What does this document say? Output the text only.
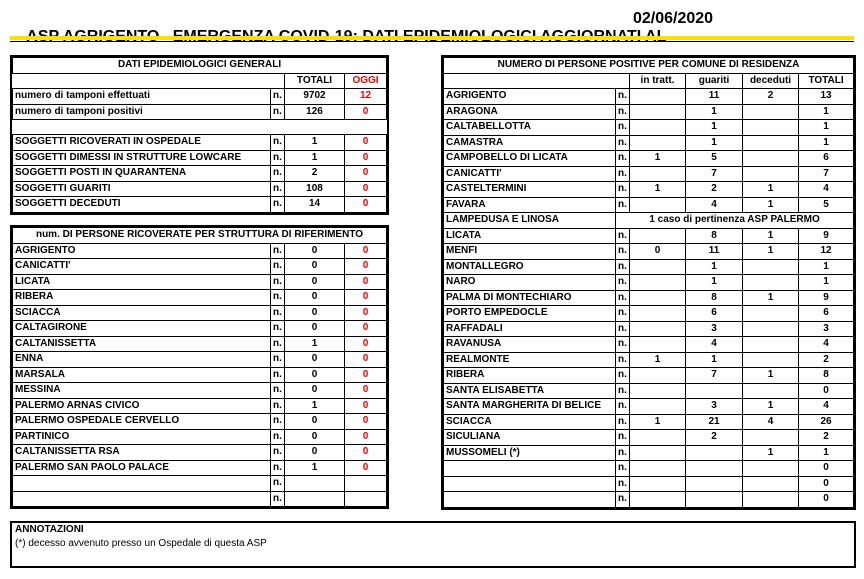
02/06/2020

DATI EPIDEMIOLOGICI GENERALI			
		TOTALI	OGGI
numero di tamponi effettuati	n.	9702	12
numero di tamponi positivi	n.	126	0

SOGGETTI RICOVERATI IN OSPEDALE	n.	1	0
SOGGETTI DIMESSI IN STRUTTURE LOWCARE	n.	1	0
SOGGETTI POSTI IN QUARANTENA	n.	2	0
SOGGETTI GUARITI	n.	108	0
SOGGETTI DECEDUTI	n.	14	0
num. DI PERSONE RICOVERATE PER STRUTTURA DI RIFERIMENTO			
AGRIGENTO	n.	0	0
CANICATTI'	n.	0	0
LICATA	n.	0	0
RIBERA	n.	0	0
SCIACCA	n.	0	0
CALTAGIRONE	n.	0	0
CALTANISSETTA	n.	1	0
ENNA	n.	0	0
MARSALA	n.	0	0
MESSINA	n.	0	0
PALERMO ARNAS CIVICO	n.	1	0
PALERMO OSPEDALE CERVELLO	n.	0	0
PARTINICO	n.	0	0
CALTANISSETTA RSA	n.	0	0
PALERMO SAN PAOLO PALACE	n.	1	0
	n.		
	n.		
NUMERO DI PERSONE POSITIVE PER COMUNE DI RESIDENZA					
		in tratt.	guariti	deceduti	TOTALI
AGRIGENTO	n.		11	2	13
ARAGONA	n.		1		1
CALTABELLOTTA	n.		1		1
CAMASTRA	n.		1		1
CAMPOBELLO DI LICATA	n.	1	5		6
CANICATTI'	n.		7		7
CASTELTERMINI	n.	1	2	1	4
FAVARA	n.		4	1	5
LAMPEDUSA E LINOSA	1 caso di pertinenza ASP PALERMO				
LICATA	n.		8	1	9
MENFI	n.	0	11	1	12
MONTALLEGRO	n.		1		1
NARO	n.		1		1
PALMA DI MONTECHIARO	n.		8	1	9
PORTO EMPEDOCLE	n.		6		6
RAFFADALI	n.		3		3
RAVANUSA	n.		4		4
REALMONTE	n.	1	1		2
RIBERA	n.		7	1	8
SANTA ELISABETTA	n.				0
SANTA MARGHERITA DI BELICE	n.		3	1	4
SCIACCA	n.	1	21	4	26
SICULIANA	n.		2		2
MUSSOMELI (*)	n.			1	1
	n.				0
	n.				0
	n.				0
ANNOTAZIONI
(*) decesso avvenuto presso un Ospedale di questa ASP
